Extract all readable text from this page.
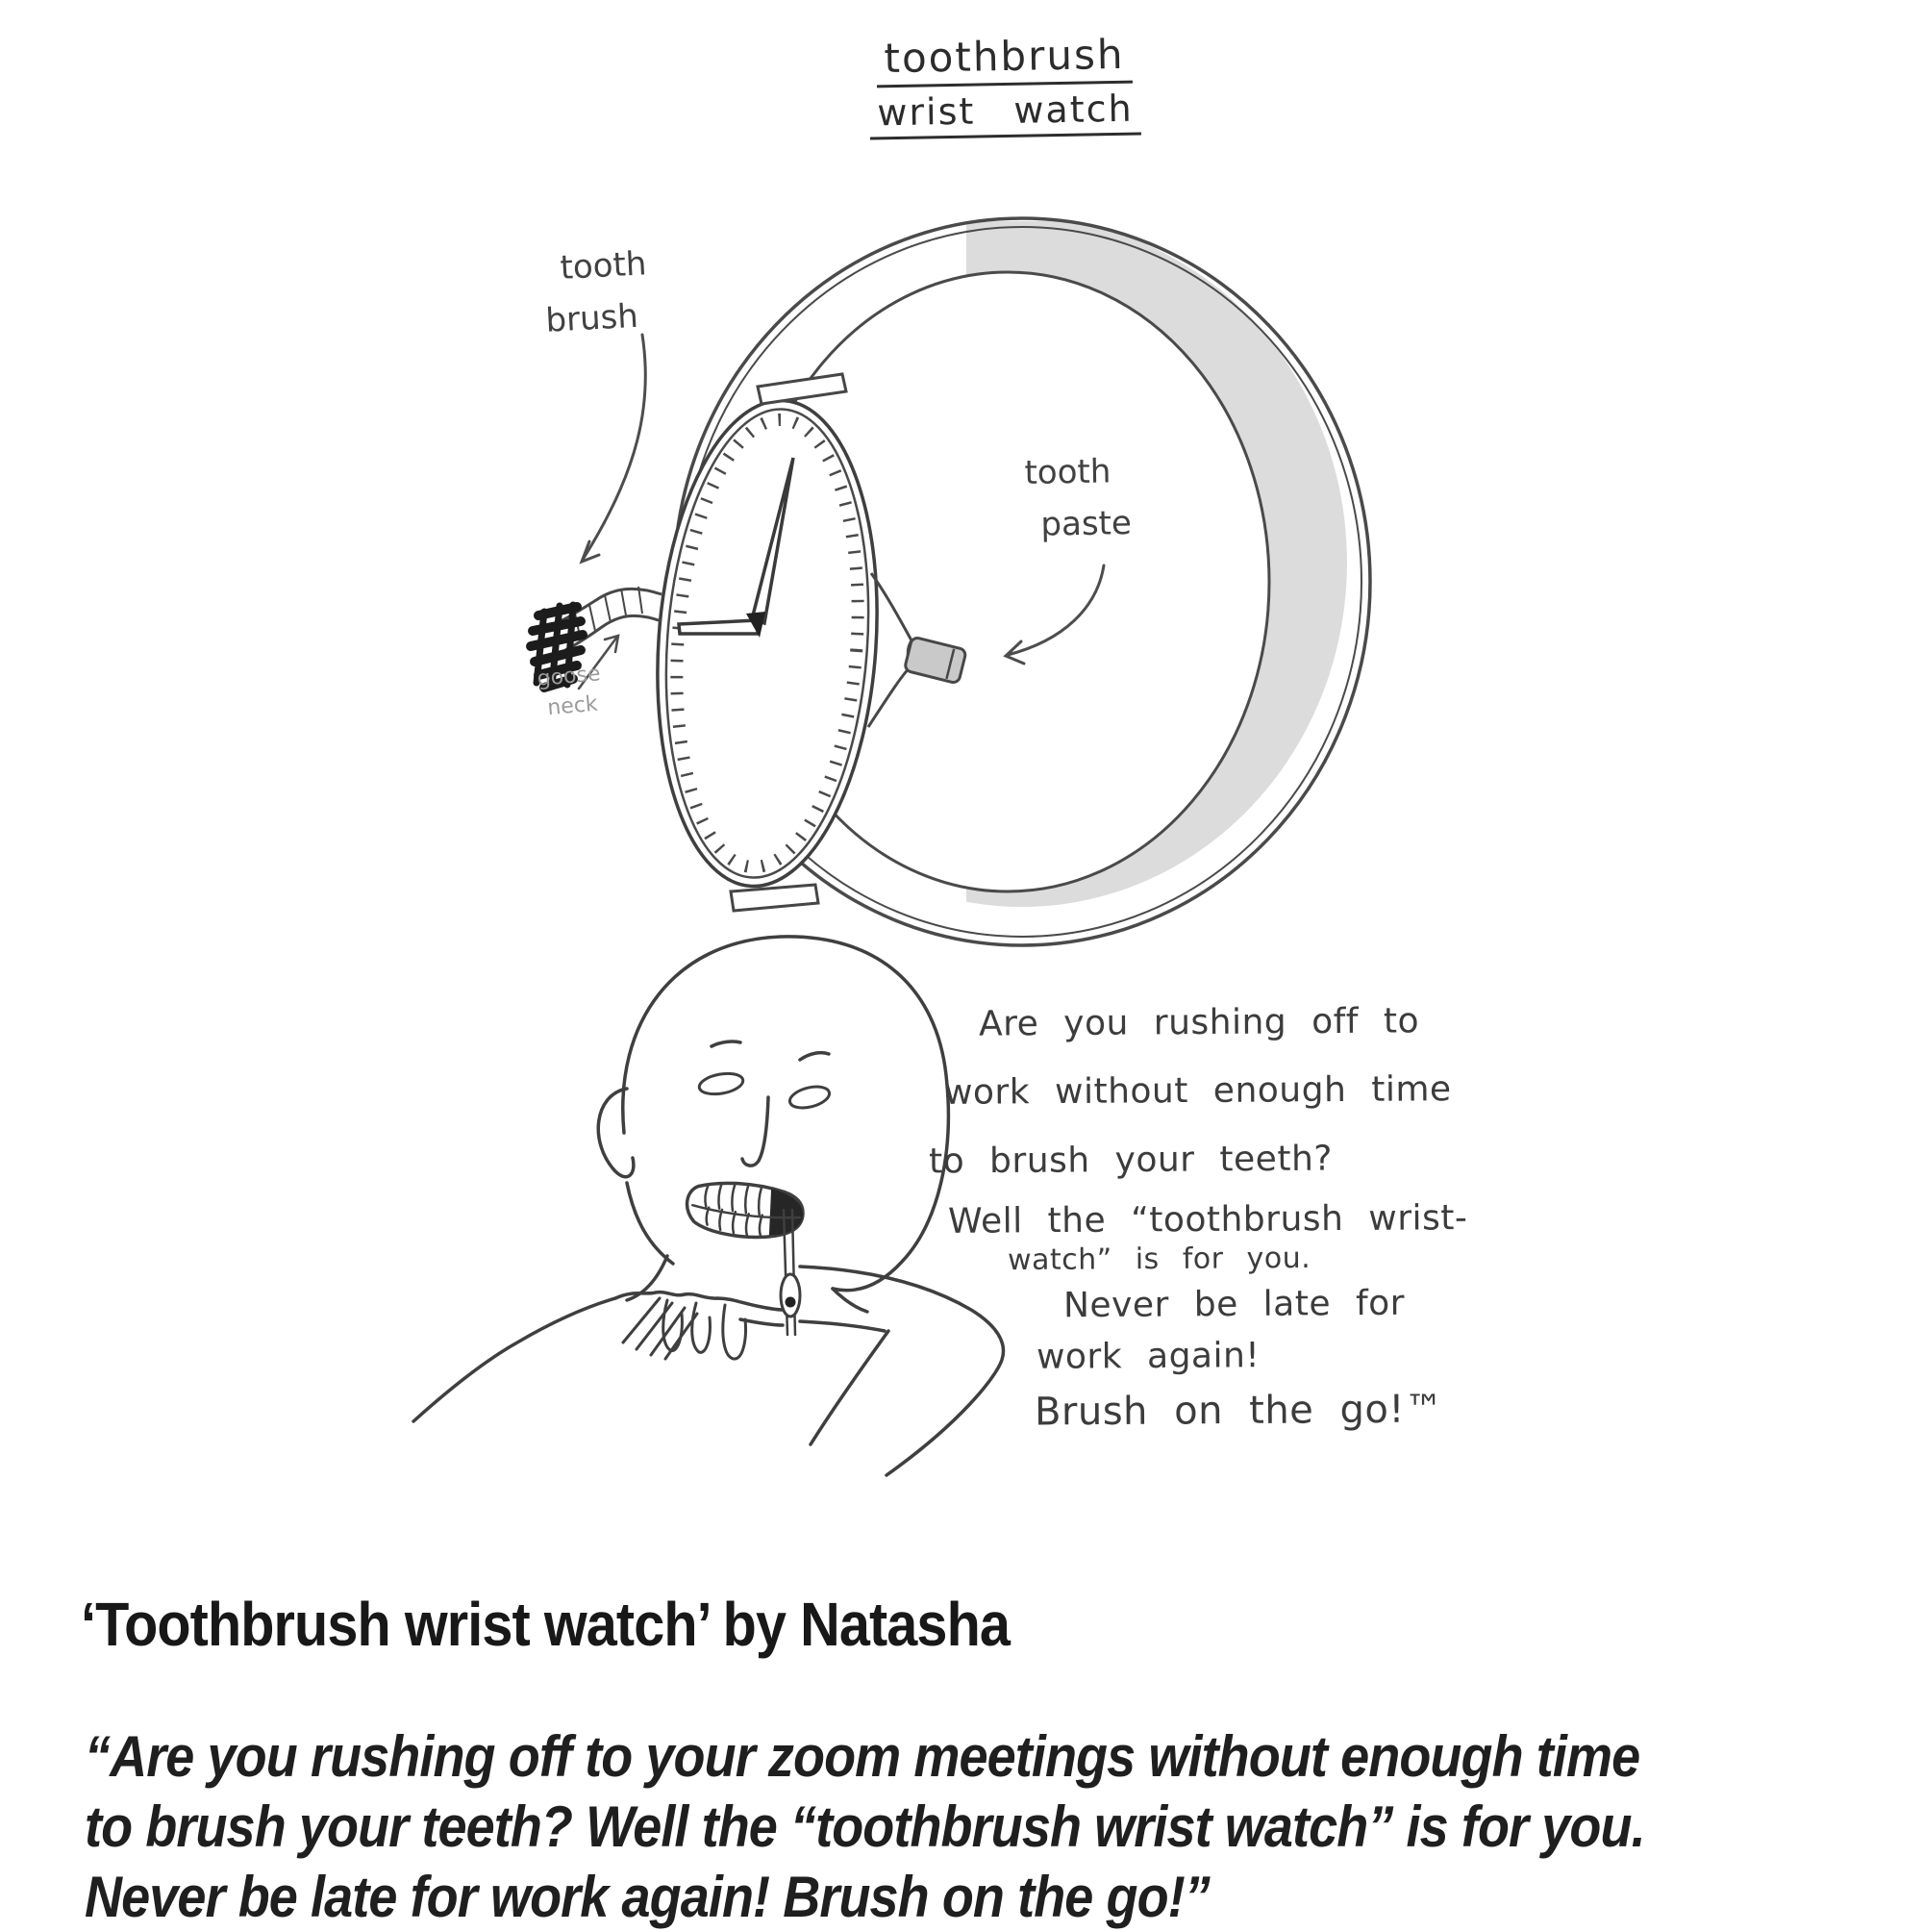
toothbrush
wrist watch
tooth
brush
tooth
paste
goose
neck
Are you rushing off to
work without enough time
to brush your teeth?
Well the “toothbrush wrist-
watch” is for you.
Never be late for
work again!
Brush on the go!™
‘Toothbrush wrist watch’ by Natasha
“Are you rushing off to your zoom meetings without enough time
to brush your teeth? Well the “toothbrush wrist watch” is for you.
Never be late for work again! Brush on the go!”
